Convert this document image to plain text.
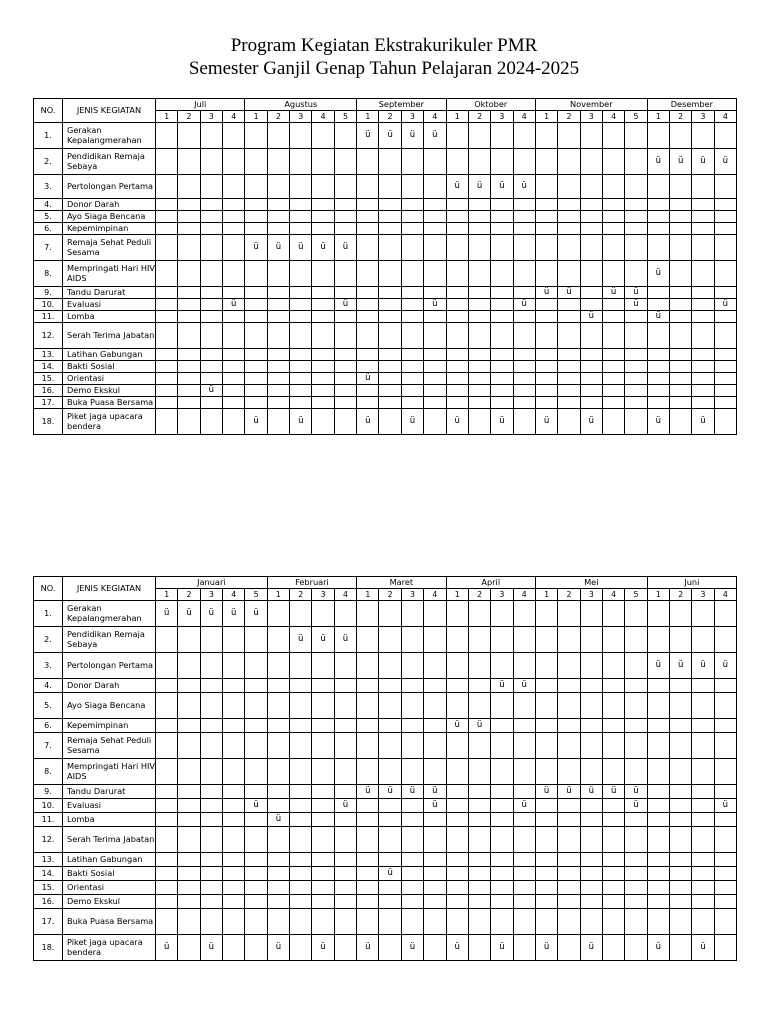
Program Kegiatan Ekstrakurikuler PMR
Semester Ganjil Genap Tahun Pelajaran 2024-2025
NO.	JENIS KEGIATAN	Juli				Agustus					September				Oktober				November					Desember			
		1	2	3	4	1	2	3	4	5	1	2	3	4	1	2	3	4	1	2	3	4	5	1	2	3	4
1.	Gerakan Kepalangmerahan										ü	ü	ü	ü													
2.	Pendidikan Remaja Sebaya																							ü	ü	ü	ü
3.	Pertolongan Pertama														ü	ü	ü	ü									
4.	Donor Darah																										
5.	Ayo Siaga Bencana																										
6.	Kepemimpinan																										
7.	Remaja Sehat Peduli Sesama					ü	ü	ü	ü	ü																	
8.	Mempringati Hari HIV AIDS																							ü			
9.	Tandu Darurat																		ü	ü		ü	ü				
10.	Evaluasi				ü					ü				ü				ü					ü				ü
11.	Lomba																				ü			ü			
12.	Serah Terima Jabatan																										
13.	Latihan Gabungan																										
14.	Bakti Sosial																										
15.	Orientasi										ü																
16.	Demo Ekskul			ü																							
17.	Buka Puasa Bersama																										
18.	Piket jaga upacara bendera					ü		ü			ü		ü		ü		ü		ü		ü			ü		ü	
NO.	JENIS KEGIATAN	Januari					Februari				Maret				April				Mei					Juni			
		1	2	3	4	5	1	2	3	4	1	2	3	4	1	2	3	4	1	2	3	4	5	1	2	3	4
1.	Gerakan Kepalangmerahan	ü	ü	ü	ü	ü																					
2.	Pendidikan Remaja Sebaya							ü	ü	ü																	
3.	Pertolongan Pertama																							ü	ü	ü	ü
4.	Donor Darah																ü	ü									
5.	Ayo Siaga Bencana																										
6.	Kepemimpinan														ü	ü											
7.	Remaja Sehat Peduli Sesama																										
8.	Mempringati Hari HIV AIDS																										
9.	Tandu Darurat										ü	ü	ü	ü					ü	ü	ü	ü	ü				
10.	Evaluasi					ü				ü				ü				ü					ü				ü
11.	Lomba						ü																				
12.	Serah Terima Jabatan																										
13.	Latihan Gabungan																										
14.	Bakti Sosial											ü															
15.	Orientasi																										
16.	Demo Ekskul																										
17.	Buka Puasa Bersama																										
18.	Piket jaga upacara bendera	ü		ü			ü		ü		ü		ü		ü		ü		ü		ü			ü		ü	
